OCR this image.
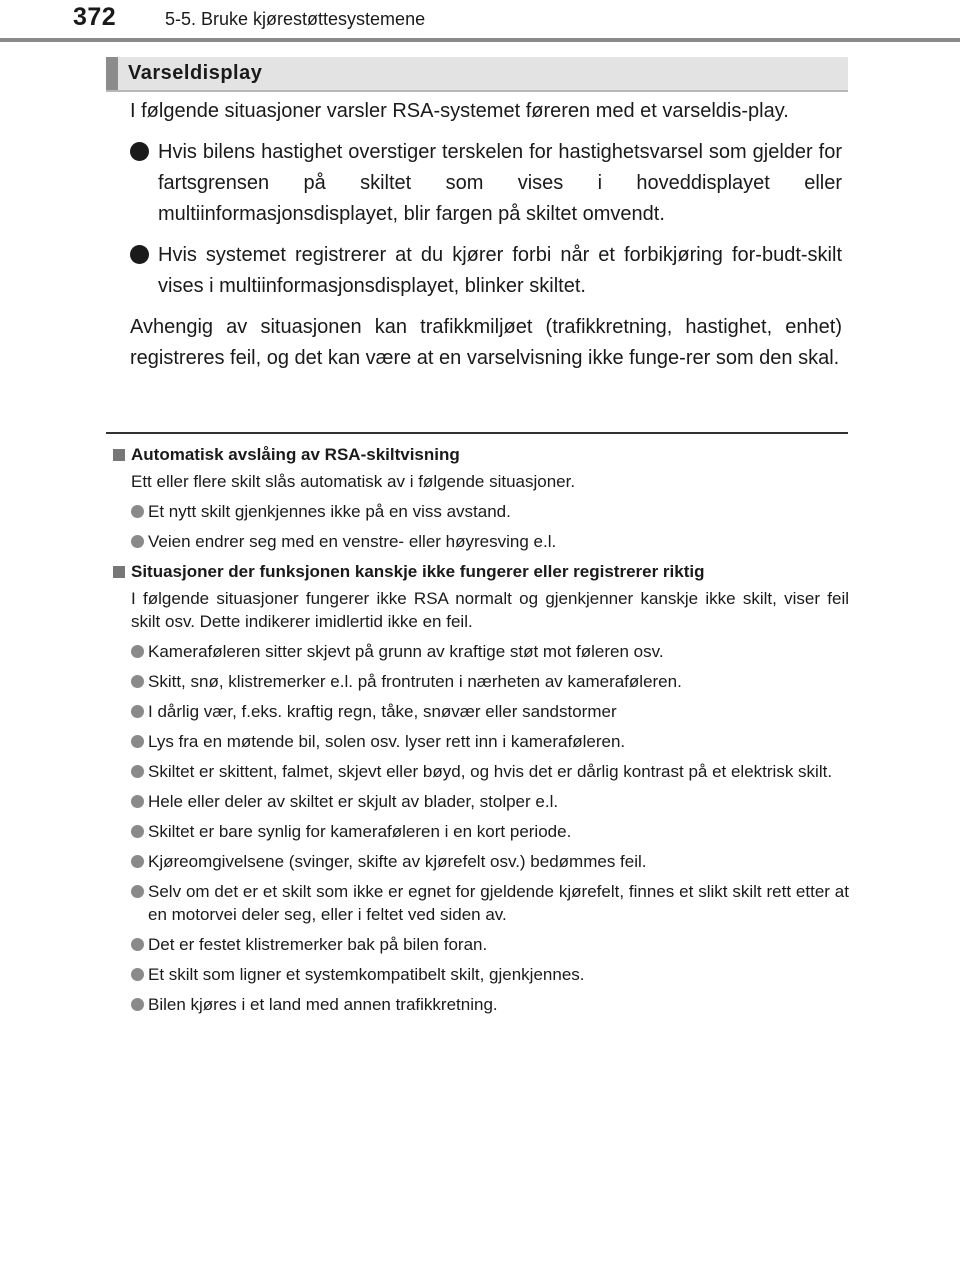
372	5-5. Bruke kjørestøttesystemene
Varseldisplay

I følgende situasjoner varsler RSA-systemet føreren med et varseldis-play.

Hvis bilens hastighet overstiger terskelen for hastighetsvarsel som gjelder for fartsgrensen på skiltet som vises i hoveddisplayet eller multiinformasjonsdisplayet, blir fargen på skiltet omvendt.
Hvis systemet registrerer at du kjører forbi når et forbikjøring for-budt-skilt vises i multiinformasjonsdisplayet, blinker skiltet.

Avhengig av situasjonen kan trafikkmiljøet (trafikkretning, hastighet, enhet) registreres feil, og det kan være at en varselvisning ikke funge-rer som den skal.

Automatisk avslåing av RSA-skiltvisning
Ett eller flere skilt slås automatisk av i følgende situasjoner.
Et nytt skilt gjenkjennes ikke på en viss avstand.
Veien endrer seg med en venstre- eller høyresving e.l.
Situasjoner der funksjonen kanskje ikke fungerer eller registrerer riktig
I følgende situasjoner fungerer ikke RSA normalt og gjenkjenner kanskje ikke skilt, viser feil skilt osv. Dette indikerer imidlertid ikke en feil.
Kameraføleren sitter skjevt på grunn av kraftige støt mot føleren osv.
Skitt, snø, klistremerker e.l. på frontruten i nærheten av kameraføleren.
I dårlig vær, f.eks. kraftig regn, tåke, snøvær eller sandstormer
Lys fra en møtende bil, solen osv. lyser rett inn i kameraføleren.
Skiltet er skittent, falmet, skjevt eller bøyd, og hvis det er dårlig kontrast på et elektrisk skilt.
Hele eller deler av skiltet er skjult av blader, stolper e.l.
Skiltet er bare synlig for kameraføleren i en kort periode.
Kjøreomgivelsene (svinger, skifte av kjørefelt osv.) bedømmes feil.
Selv om det er et skilt som ikke er egnet for gjeldende kjørefelt, finnes et slikt skilt rett etter at en motorvei deler seg, eller i feltet ved siden av.
Det er festet klistremerker bak på bilen foran.
Et skilt som ligner et systemkompatibelt skilt, gjenkjennes.
Bilen kjøres i et land med annen trafikkretning.
